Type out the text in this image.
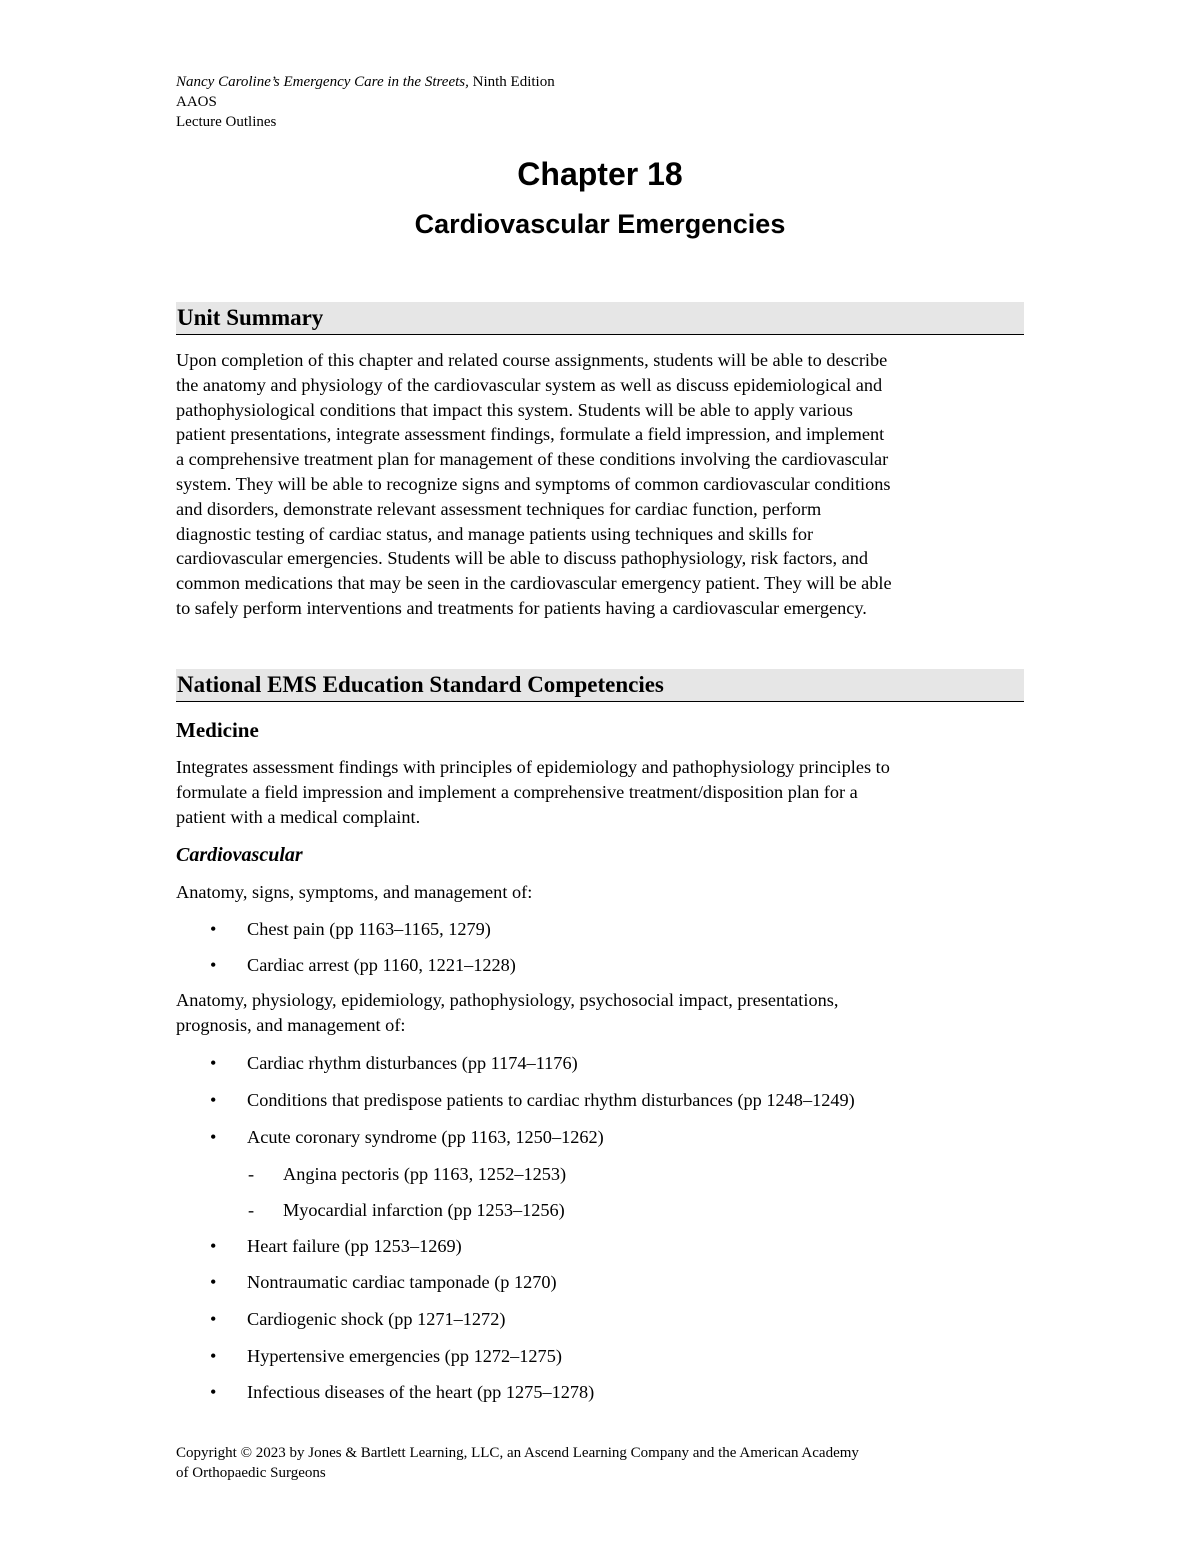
Nancy Caroline’s Emergency Care in the Streets, Ninth Edition
AAOS
Lecture Outlines
Chapter 18
Cardiovascular Emergencies
Unit Summary
Upon completion of this chapter and related course assignments, students will be able to describe
the anatomy and physiology of the cardiovascular system as well as discuss epidemiological and
pathophysiological conditions that impact this system. Students will be able to apply various
patient presentations, integrate assessment findings, formulate a field impression, and implement
a comprehensive treatment plan for management of these conditions involving the cardiovascular
system. They will be able to recognize signs and symptoms of common cardiovascular conditions
and disorders, demonstrate relevant assessment techniques for cardiac function, perform
diagnostic testing of cardiac status, and manage patients using techniques and skills for
cardiovascular emergencies. Students will be able to discuss pathophysiology, risk factors, and
common medications that may be seen in the cardiovascular emergency patient. They will be able
to safely perform interventions and treatments for patients having a cardiovascular emergency.
National EMS Education Standard Competencies
Medicine
Integrates assessment findings with principles of epidemiology and pathophysiology principles to
formulate a field impression and implement a comprehensive treatment/disposition plan for a
patient with a medical complaint.
Cardiovascular
Anatomy, signs, symptoms, and management of:
• Chest pain (pp 1163–1165, 1279)
• Cardiac arrest (pp 1160, 1221–1228)
Anatomy, physiology, epidemiology, pathophysiology, psychosocial impact, presentations,
prognosis, and management of:
• Cardiac rhythm disturbances (pp 1174–1176)
• Conditions that predispose patients to cardiac rhythm disturbances (pp 1248–1249)
• Acute coronary syndrome (pp 1163, 1250–1262)
- Angina pectoris (pp 1163, 1252–1253)
- Myocardial infarction (pp 1253–1256)
• Heart failure (pp 1253–1269)
• Nontraumatic cardiac tamponade (p 1270)
• Cardiogenic shock (pp 1271–1272)
• Hypertensive emergencies (pp 1272–1275)
• Infectious diseases of the heart (pp 1275–1278)
Copyright © 2023 by Jones & Bartlett Learning, LLC, an Ascend Learning Company and the American Academy
of Orthopaedic Surgeons
